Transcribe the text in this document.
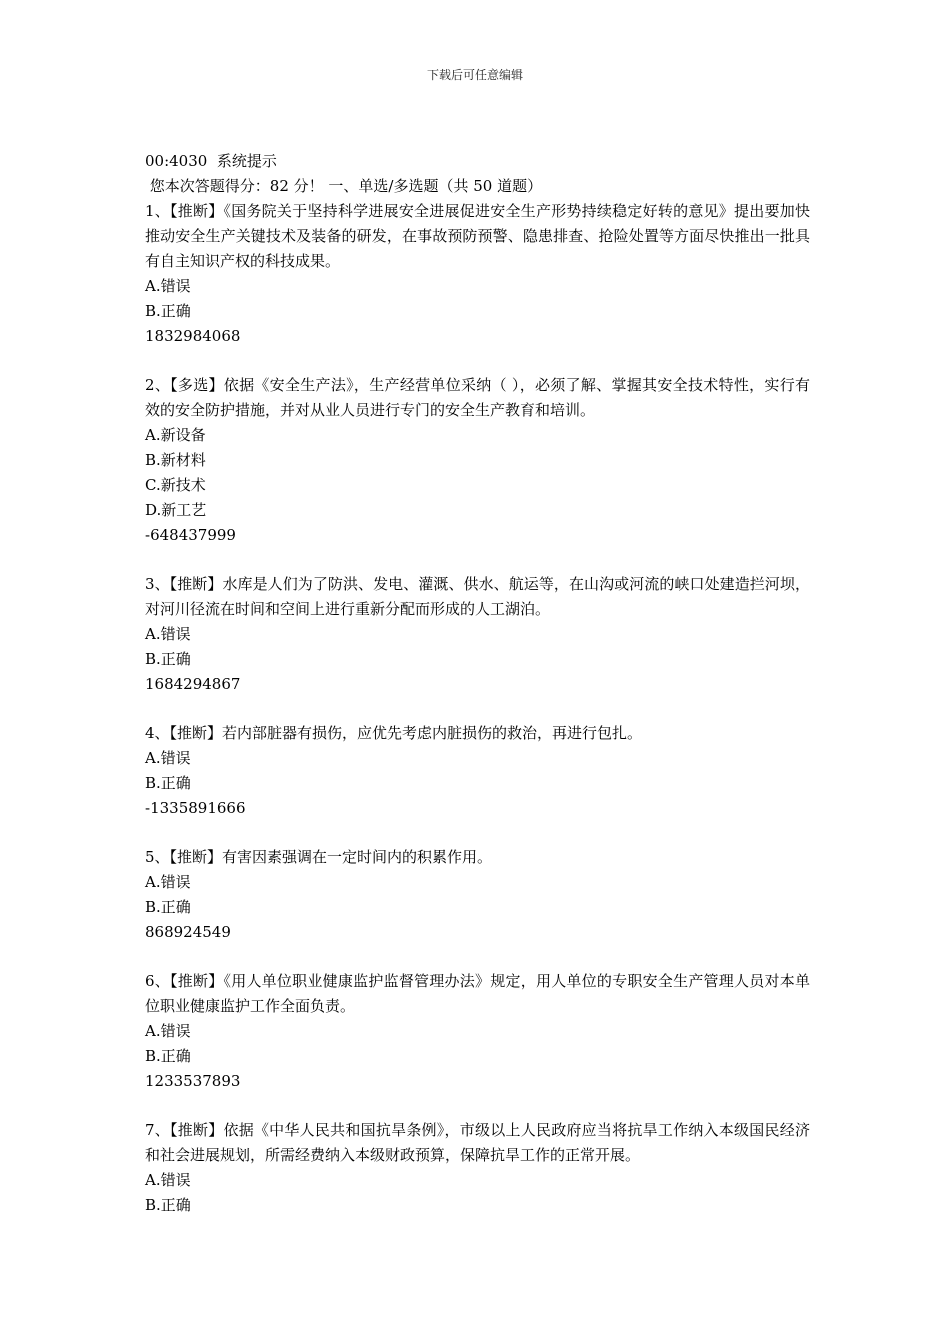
下载后可任意编辑
00:4030  系统提示
您本次答题得分：82 分！ 一、单选/多选题（共 50 道题）
1、【推断】《国务院关于坚持科学进展安全进展促进安全生产形势持续稳定好转的意见》提出要加快推动安全生产关键技术及装备的研发，在事故预防预警、隐患排查、抢险处置等方面尽快推出一批具有自主知识产权的科技成果。
A.错误
B.正确
1832984068
2、【多选】依据《安全生产法》，生产经营单位采纳（ ），必须了解、掌握其安全技术特性，实行有效的安全防护措施，并对从业人员进行专门的安全生产教育和培训。
A.新设备
B.新材料
C.新技术
D.新工艺
-648437999
3、【推断】水库是人们为了防洪、发电、灌溉、供水、航运等，在山沟或河流的峡口处建造拦河坝，对河川径流在时间和空间上进行重新分配而形成的人工湖泊。
A.错误
B.正确
1684294867
4、【推断】若内部脏器有损伤，应优先考虑内脏损伤的救治，再进行包扎。
A.错误
B.正确
-1335891666
5、【推断】有害因素强调在一定时间内的积累作用。
A.错误
B.正确
868924549
6、【推断】《用人单位职业健康监护监督管理办法》规定，用人单位的专职安全生产管理人员对本单位职业健康监护工作全面负责。
A.错误
B.正确
1233537893
7、【推断】依据《中华人民共和国抗旱条例》，市级以上人民政府应当将抗旱工作纳入本级国民经济和社会进展规划，所需经费纳入本级财政预算，保障抗旱工作的正常开展。
A.错误
B.正确
